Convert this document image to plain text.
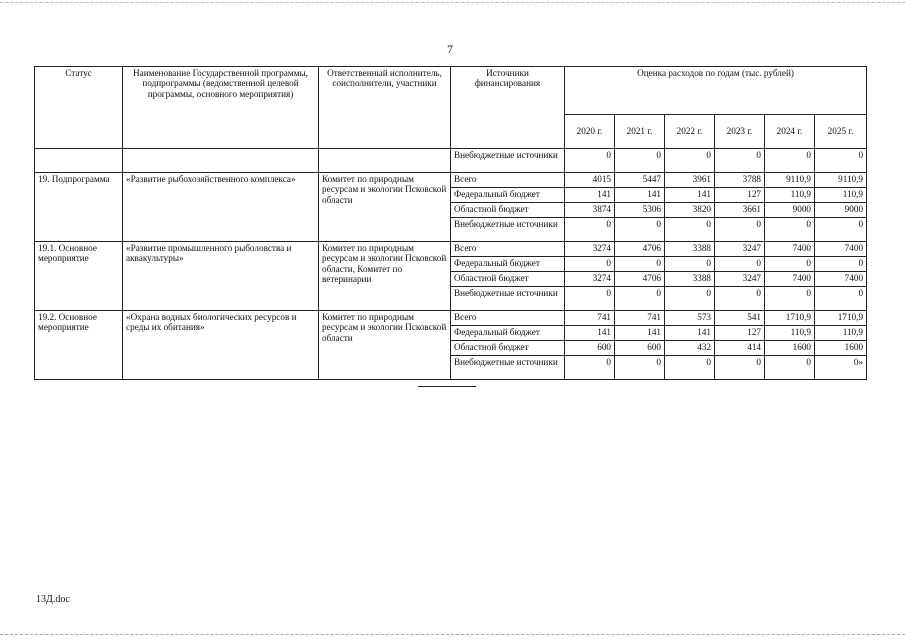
7
Статус	Наименование Государственной программы, подпрограммы (ведомственной целевой программы, основного мероприятия)	Ответственный исполнитель, соисполнители, участники	Источники финансирования	Оценка расходов по годам (тыс. рублей)					
				2020 г.	2021 г.	2022 г.	2023 г.	2024 г.	2025 г.
			Внебюджетные источники	0	0	0	0	0	0
19. Подпрограмма	«Развитие рыбохозяйственного комплекса»	Комитет по природным ресурсам и экологии Псковской области	Всего	4015	5447	3961	3788	9110,9	9110,9
			Федеральный бюджет	141	141	141	127	110,9	110,9
			Областной бюджет	3874	5306	3820	3661	9000	9000
			Внебюджетные источники	0	0	0	0	0	0
19.1. Основное мероприятие	«Развитие промышленного рыболовства и аквакультуры»	Комитет по природным ресурсам и экологии Псковской области, Комитет по ветеринарии	Всего	3274	4706	3388	3247	7400	7400
			Федеральный бюджет	0	0	0	0	0	0
			Областной бюджет	3274	4706	3388	3247	7400	7400
			Внебюджетные источники	0	0	0	0	0	0
19.2. Основное мероприятие	«Охрана водных биологических ресурсов и среды их обитания»	Комитет по природным ресурсам и экологии Псковской области	Всего	741	741	573	541	1710,9	1710,9
			Федеральный бюджет	141	141	141	127	110,9	110,9
			Областной бюджет	600	600	432	414	1600	1600
			Внебюджетные источники	0	0	0	0	0	0»
13Д.doc
